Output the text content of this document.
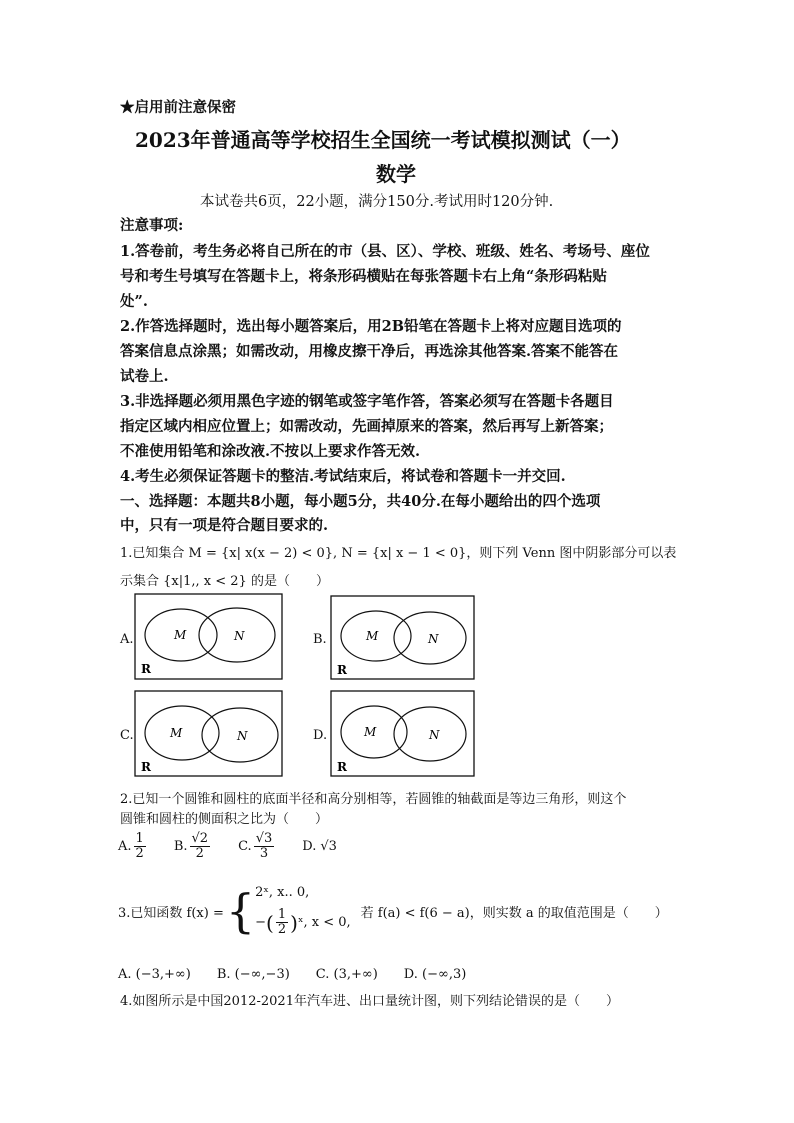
★启用前注意保密
2023年普通高等学校招生全国统一考试模拟测试（一）
数学
本试卷共6页，22小题，满分150分.考试用时120分钟.
注意事项:
1.答卷前，考生务必将自己所在的市（县、区）、学校、班级、姓名、考场号、座位
号和考生号填写在答题卡上，将条形码横贴在每张答题卡右上角“条形码粘贴
处”.
2.作答选择题时，选出每小题答案后，用2B铅笔在答题卡上将对应题目选项的
答案信息点涂黑；如需改动，用橡皮擦干净后，再选涂其他答案.答案不能答在
试卷上.
3.非选择题必须用黑色字迹的钢笔或签字笔作答，答案必须写在答题卡各题目
指定区域内相应位置上；如需改动，先画掉原来的答案，然后再写上新答案；
不准使用铅笔和涂改液.不按以上要求作答无效.
4.考生必须保证答题卡的整洁.考试结束后，将试卷和答题卡一并交回.
一、选择题：本题共8小题，每小题5分，共40分.在每小题给出的四个选项
中，只有一项是符合题目要求的.
1.已知集合 M = {x| x(x − 2) < 0}, N = {x| x − 1 < 0}，则下列 Venn 图中阴影部分可以表
示集合 {x|1,, x < 2} 的是（　　）
A.	M	N
R
B.	M	N
R
C.	M	N
R
D.	M	N
R
2.已知一个圆锥和圆柱的底面半径和高分别相等，若圆锥的轴截面是等边三角形，则这个
圆锥和圆柱的侧面积之比为（　　）
A. $\frac{1}{2} B$. $\frac{√2}{2} C$. $\frac{√3}{3} D$. √3
3.已知函数 f(x) = { 2ˣ, x.. 0,
− ( $\frac{1}{2}$ ) ˣ, x < 0,
若 f(a) < f(6 − a)，则实数 a 的取值范围是（　　）
A. (−3,+∞)　　B. (−∞,−3)　　C. (3,+∞)　　D. (−∞,3)
4.如图所示是中国2012-2021年汽车进、出口量统计图，则下列结论错误的是（　　）
